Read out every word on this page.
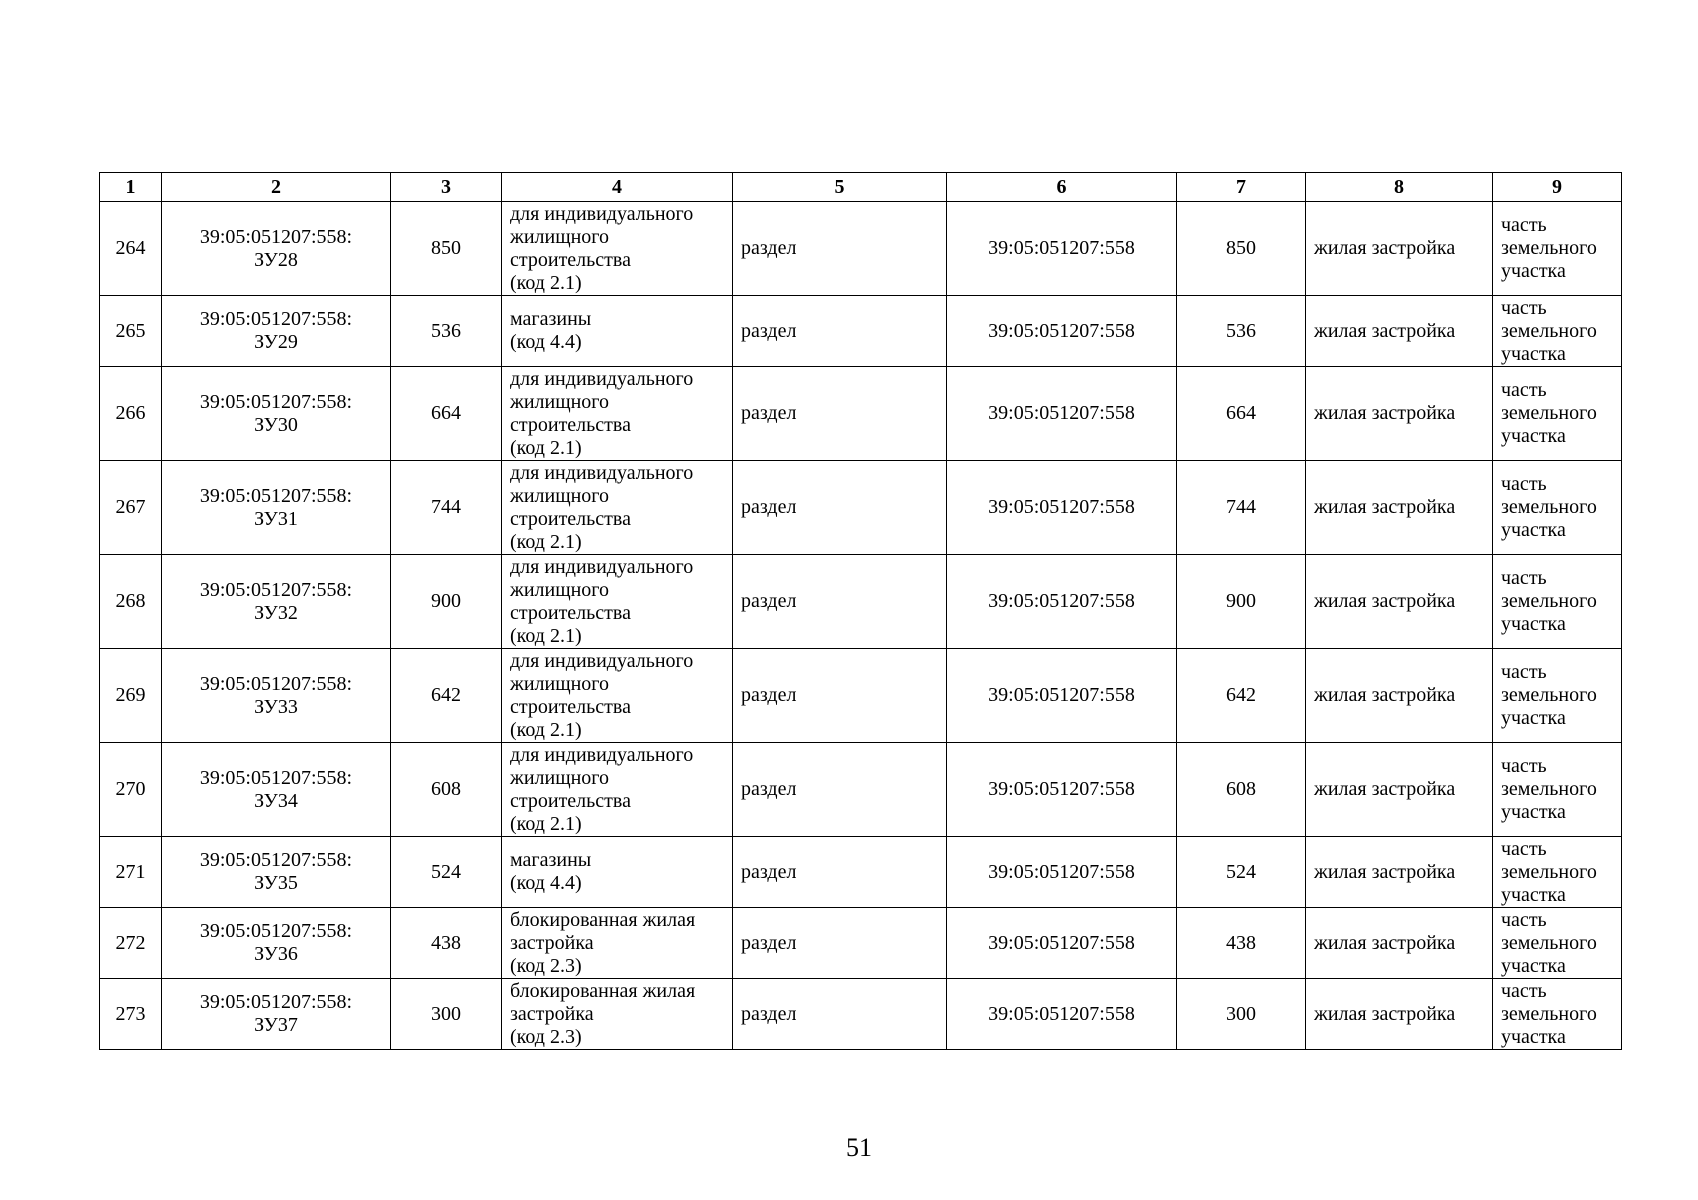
1	2	3	4	5	6	7	8	9
264	39:05:051207:558:
ЗУ28	850	для индивидуального
жилищного
строительства
(код 2.1)	раздел	39:05:051207:558	850	жилая застройка	часть
земельного
участка

265	39:05:051207:558:
ЗУ29	536	магазины
(код 4.4)	раздел	39:05:051207:558	536	жилая застройка	часть
земельного
участка

266	39:05:051207:558:
ЗУ30	664	для индивидуального
жилищного
строительства
(код 2.1)	раздел	39:05:051207:558	664	жилая застройка	часть
земельного
участка

267	39:05:051207:558:
ЗУ31	744	для индивидуального
жилищного
строительства
(код 2.1)	раздел	39:05:051207:558	744	жилая застройка	часть
земельного
участка

268	39:05:051207:558:
ЗУ32	900	для индивидуального
жилищного
строительства
(код 2.1)	раздел	39:05:051207:558	900	жилая застройка	часть
земельного
участка

269	39:05:051207:558:
ЗУ33	642	для индивидуального
жилищного
строительства
(код 2.1)	раздел	39:05:051207:558	642	жилая застройка	часть
земельного
участка

270	39:05:051207:558:
ЗУ34	608	для индивидуального
жилищного
строительства
(код 2.1)	раздел	39:05:051207:558	608	жилая застройка	часть
земельного
участка

271	39:05:051207:558:
ЗУ35	524	магазины
(код 4.4)	раздел	39:05:051207:558	524	жилая застройка	часть
земельного
участка

272	39:05:051207:558:
ЗУ36	438	блокированная жилая
застройка
(код 2.3)	раздел	39:05:051207:558	438	жилая застройка	часть
земельного
участка

273	39:05:051207:558:
ЗУ37	300	блокированная жилая
застройка
(код 2.3)	раздел	39:05:051207:558	300	жилая застройка	часть
земельного
участка
51
